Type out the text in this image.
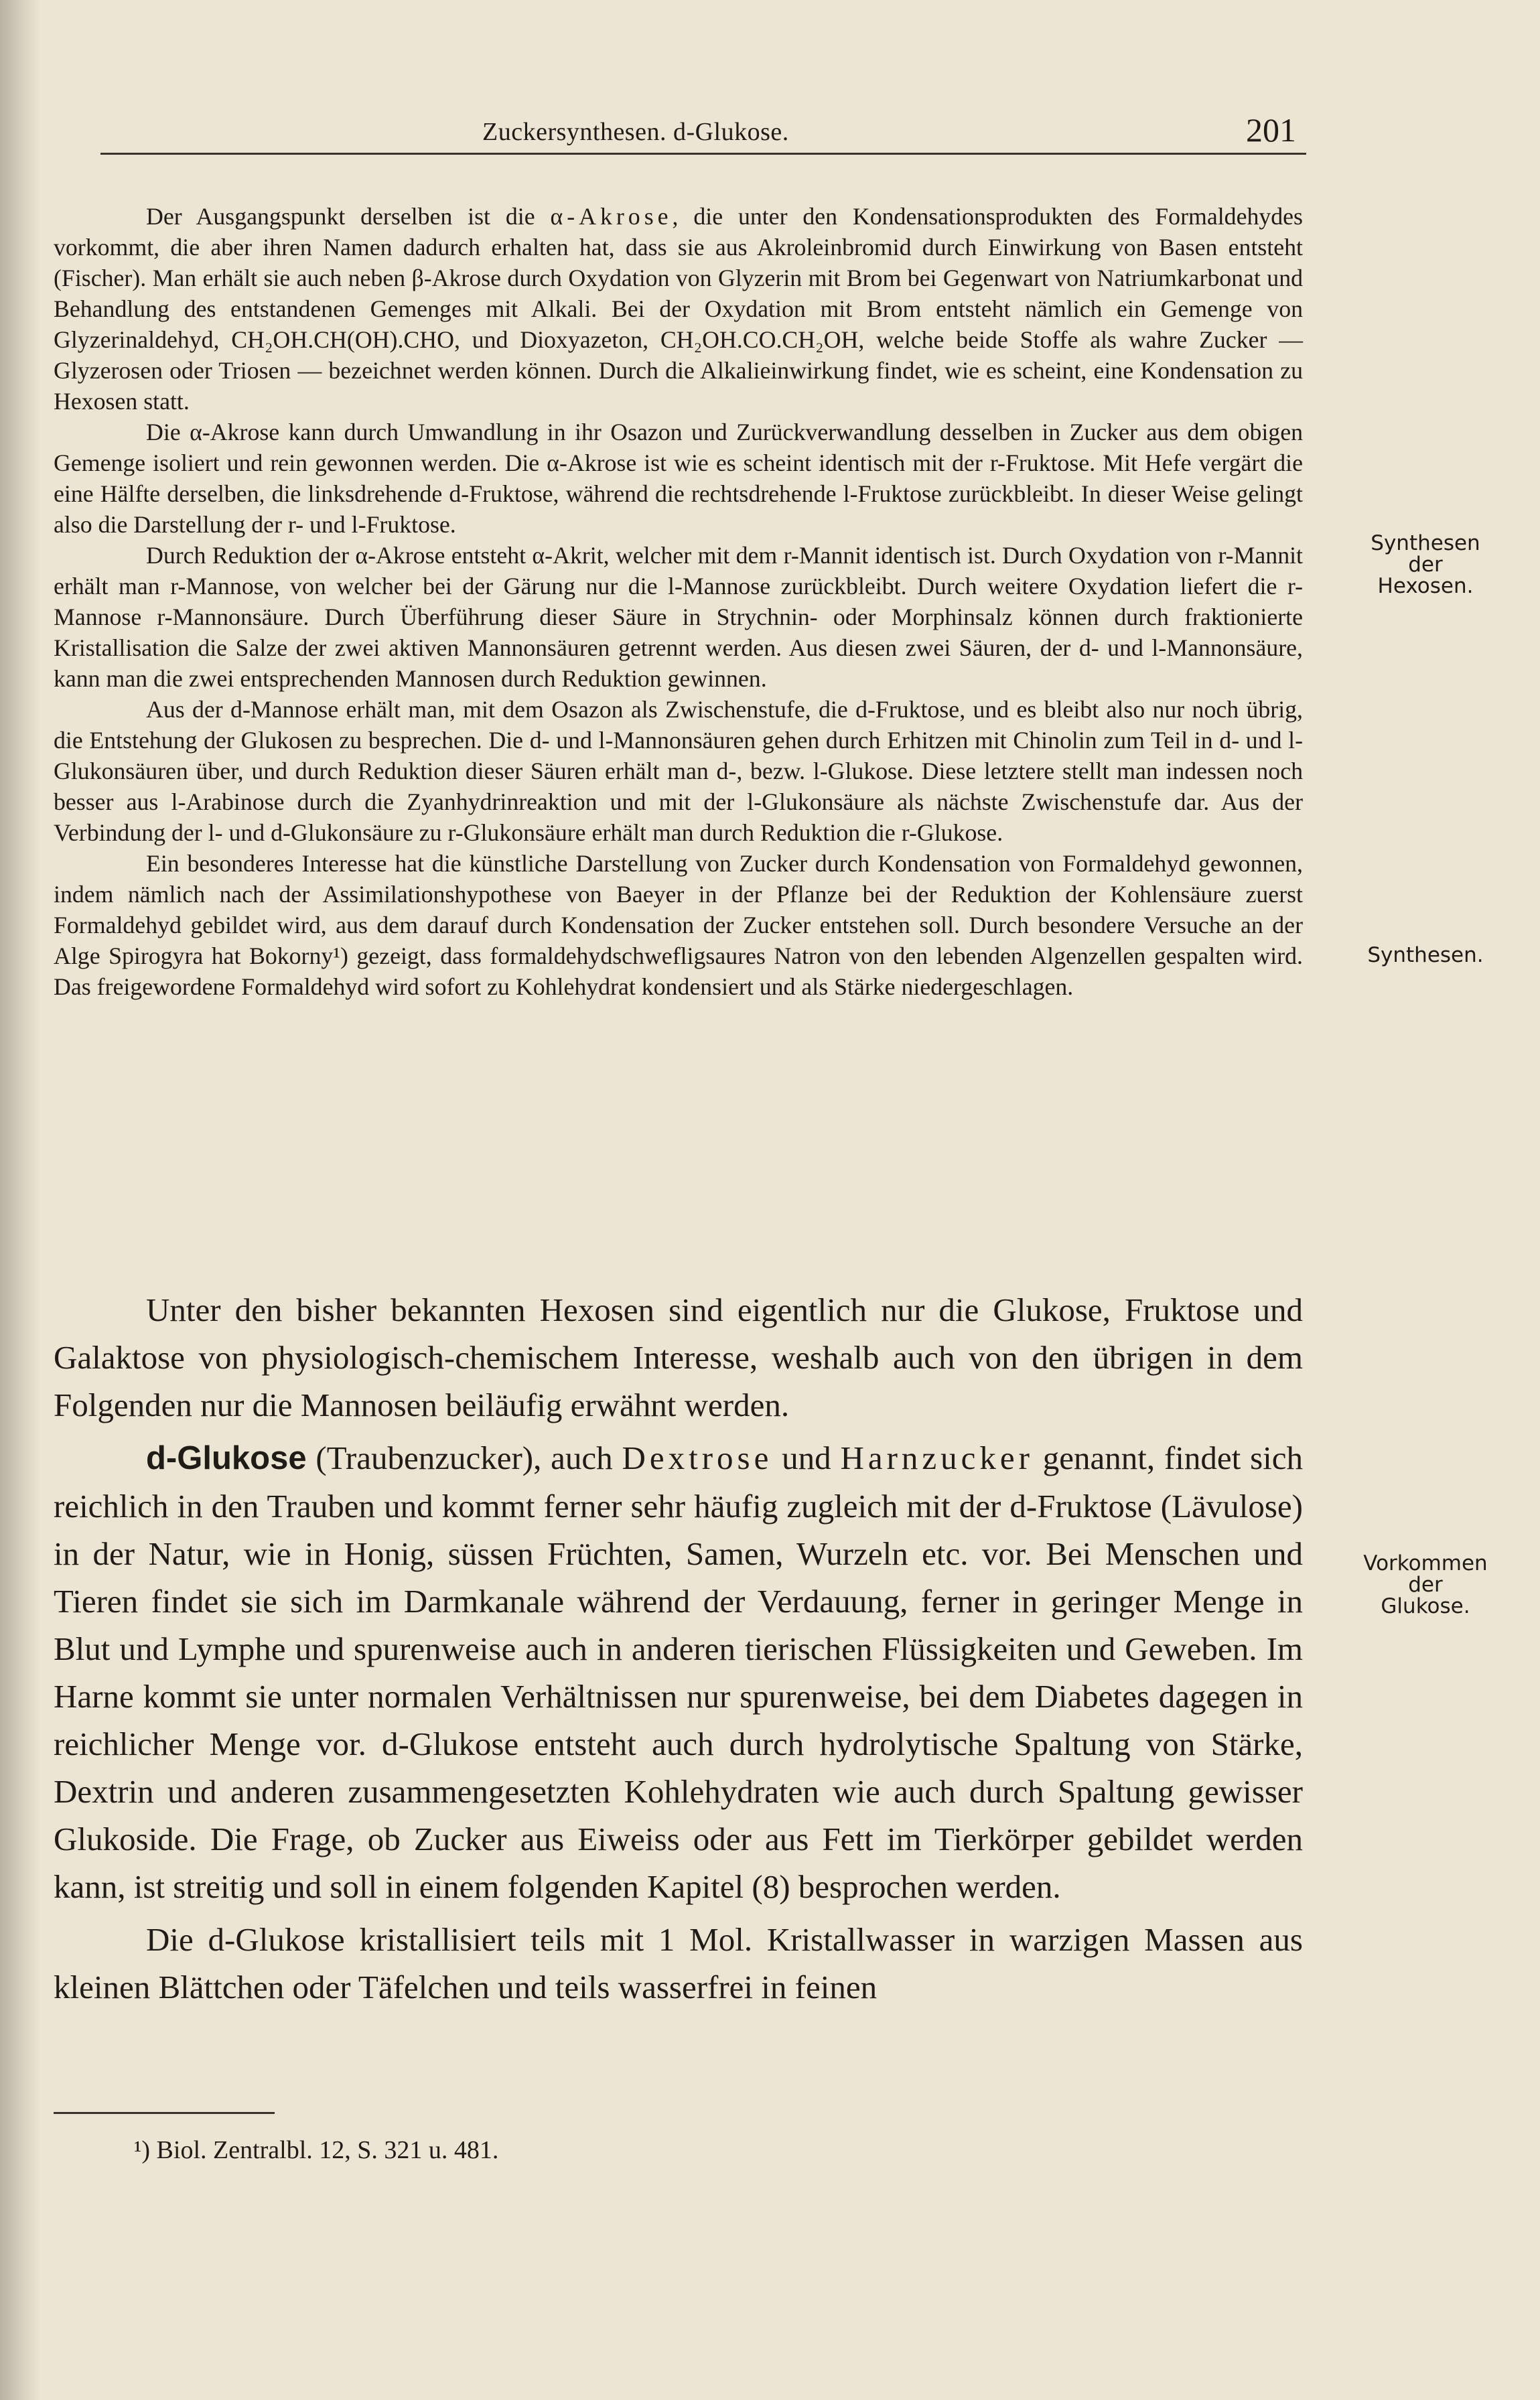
Zuckersynthesen. d-Glukose.	201

Der Ausgangspunkt derselben ist die α-Akrose, die unter den Kondensationsprodukten des Formaldehydes vorkommt, die aber ihren Namen dadurch erhalten hat, dass sie aus Akroleinbromid durch Einwirkung von Basen entsteht (Fischer). Man erhält sie auch neben β-Akrose durch Oxydation von Glyzerin mit Brom bei Gegenwart von Natriumkarbonat und Behandlung des entstandenen Gemenges mit Alkali. Bei der Oxydation mit Brom entsteht nämlich ein Gemenge von Glyzerinaldehyd, CH₂OH.CH(OH).CHO, und Dioxyazeton, CH₂OH.CO.CH₂OH, welche beide Stoffe als wahre Zucker — Glyzerosen oder Triosen — bezeichnet werden können. Durch die Alkalieinwirkung findet, wie es scheint, eine Kondensation zu Hexosen statt.

Die α-Akrose kann durch Umwandlung in ihr Osazon und Zurückverwandlung desselben in Zucker aus dem obigen Gemenge isoliert und rein gewonnen werden. Die α-Akrose ist wie es scheint identisch mit der r-Fruktose. Mit Hefe vergärt die eine Hälfte derselben, die linksdrehende d-Fruktose, während die rechtsdrehende l-Fruktose zurückbleibt. In dieser Weise gelingt also die Darstellung der r- und l-Fruktose.

Durch Reduktion der α-Akrose entsteht α-Akrit, welcher mit dem r-Mannit identisch ist. Durch Oxydation von r-Mannit erhält man r-Mannose, von welcher bei der Gärung nur die l-Mannose zurückbleibt. Durch weitere Oxydation liefert die r-Mannose r-Mannonsäure. Durch Überführung dieser Säure in Strychnin- oder Morphinsalz können durch fraktionierte Kristallisation die Salze der zwei aktiven Mannonsäuren getrennt werden. Aus diesen zwei Säuren, der d- und l-Mannonsäure, kann man die zwei entsprechenden Mannosen durch Reduktion gewinnen.

Aus der d-Mannose erhält man, mit dem Osazon als Zwischenstufe, die d-Fruktose, und es bleibt also nur noch übrig, die Entstehung der Glukosen zu besprechen. Die d- und l-Mannonsäuren gehen durch Erhitzen mit Chinolin zum Teil in d- und l-Glukonsäuren über, und durch Reduktion dieser Säuren erhält man d-, bezw. l-Glukose. Diese letztere stellt man indessen noch besser aus l-Arabinose durch die Zyanhydrinreaktion und mit der l-Glukonsäure als nächste Zwischenstufe dar. Aus der Verbindung der l- und d-Glukonsäure zu r-Glukonsäure erhält man durch Reduktion die r-Glukose.

Ein besonderes Interesse hat die künstliche Darstellung von Zucker durch Kondensation von Formaldehyd gewonnen, indem nämlich nach der Assimilationshypothese von Baeyer in der Pflanze bei der Reduktion der Kohlensäure zuerst Formaldehyd gebildet wird, aus dem darauf durch Kondensation der Zucker entstehen soll. Durch besondere Versuche an der Alge Spirogyra hat Bokorny¹) gezeigt, dass formaldehydschwefligsaures Natron von den lebenden Algenzellen gespalten wird. Das freigewordene Formaldehyd wird sofort zu Kohlehydrat kondensiert und als Stärke niedergeschlagen.

Unter den bisher bekannten Hexosen sind eigentlich nur die Glukose, Fruktose und Galaktose von physiologisch-chemischem Interesse, weshalb auch von den übrigen in dem Folgenden nur die Mannosen beiläufig erwähnt werden.

d-Glukose (Traubenzucker), auch Dextrose und Harnzucker genannt, findet sich reichlich in den Trauben und kommt ferner sehr häufig zugleich mit der d-Fruktose (Lävulose) in der Natur, wie in Honig, süssen Früchten, Samen, Wurzeln etc. vor. Bei Menschen und Tieren findet sie sich im Darmkanale während der Verdauung, ferner in geringer Menge in Blut und Lymphe und spurenweise auch in anderen tierischen Flüssigkeiten und Geweben. Im Harne kommt sie unter normalen Verhältnissen nur spurenweise, bei dem Diabetes dagegen in reichlicher Menge vor. d-Glukose entsteht auch durch hydrolytische Spaltung von Stärke, Dextrin und anderen zusammengesetzten Kohlehydraten wie auch durch Spaltung gewisser Glukoside. Die Frage, ob Zucker aus Eiweiss oder aus Fett im Tierkörper gebildet werden kann, ist streitig und soll in einem folgenden Kapitel (8) besprochen werden.

Die d-Glukose kristallisiert teils mit 1 Mol. Kristallwasser in warzigen Massen aus kleinen Blättchen oder Täfelchen und teils wasserfrei in feinen

Synthesen
der
Hexosen.
Synthesen.
Vorkommen
der
Glukose.
¹) Biol. Zentralbl. 12, S. 321 u. 481.
